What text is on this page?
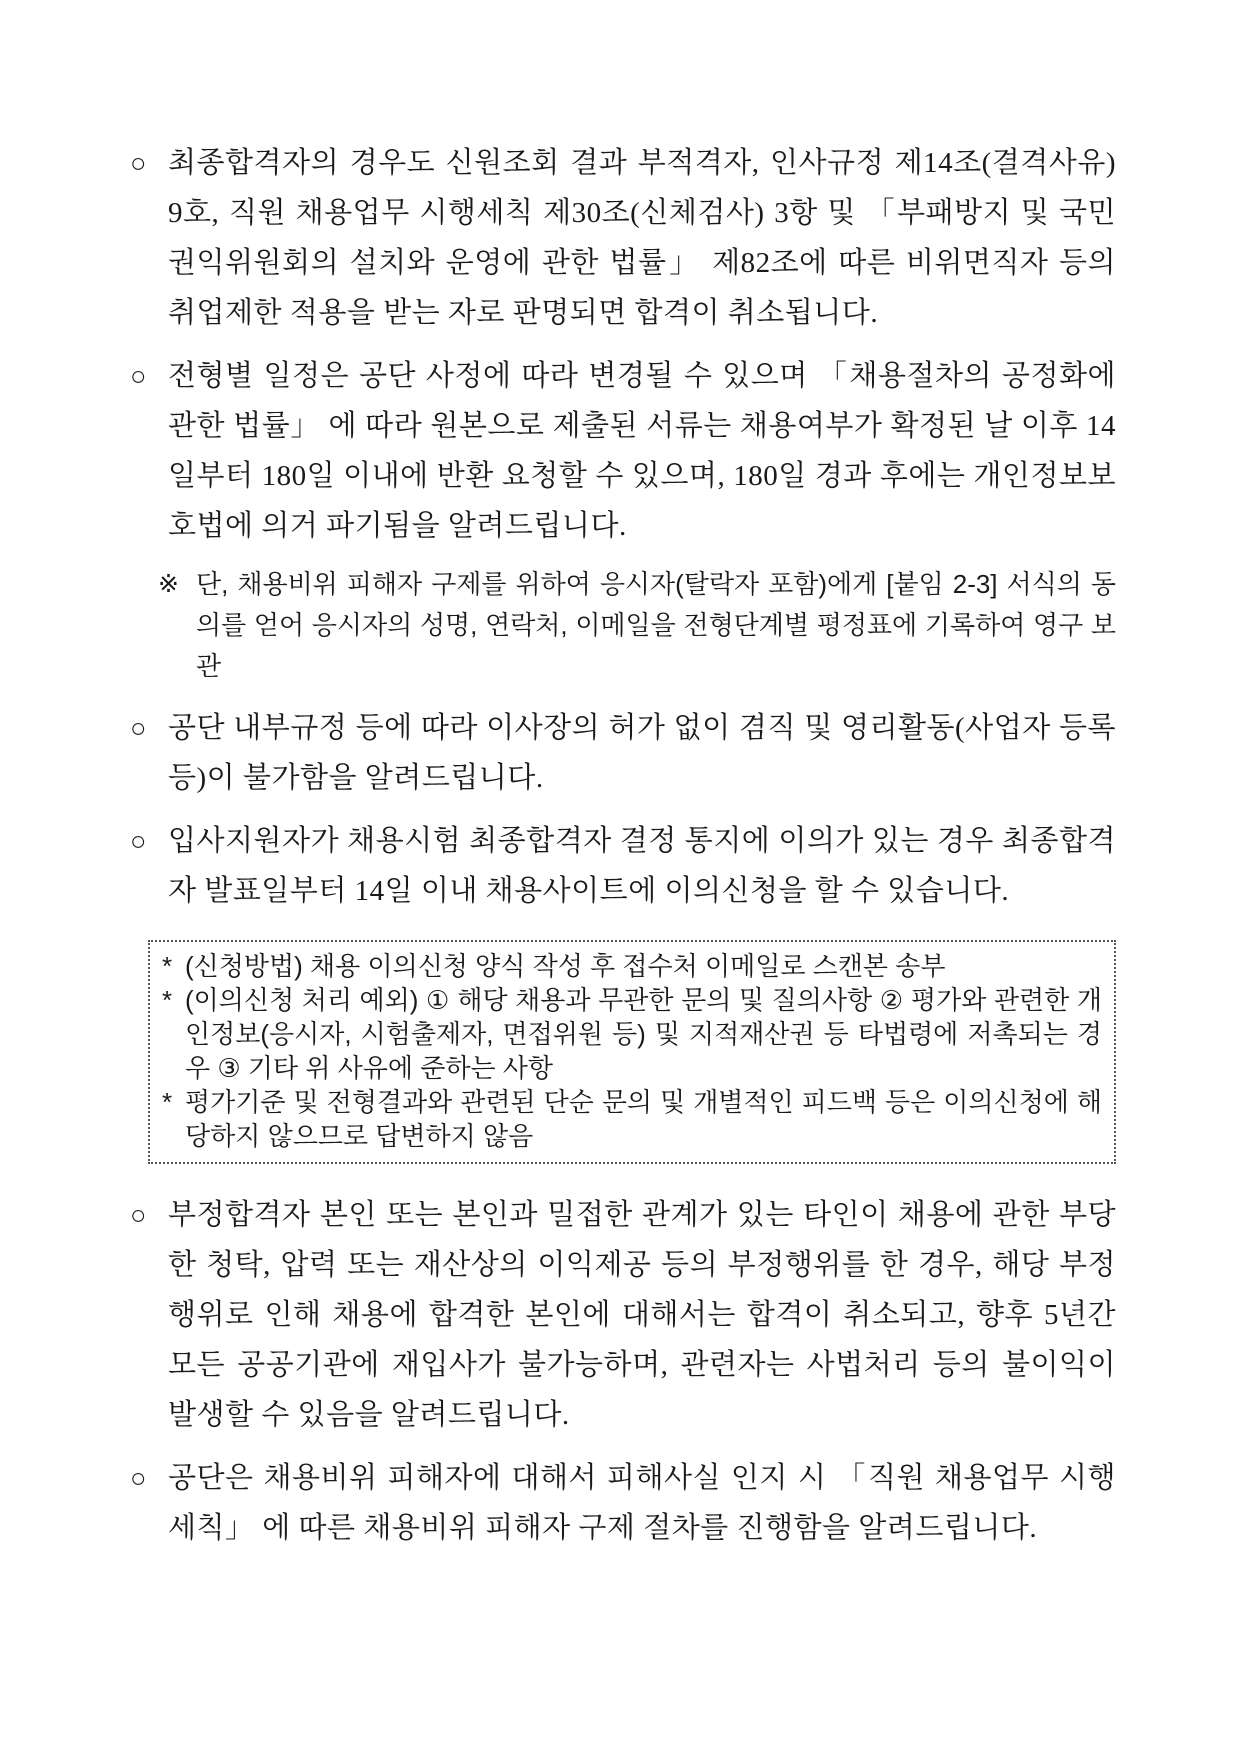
○ 최종합격자의 경우도 신원조회 결과 부적격자, 인사규정 제14조(결격사유) 9호, 직원 채용업무 시행세칙 제30조(신체검사) 3항 및 「부패방지 및 국민권익위원회의 설치와 운영에 관한 법률」 제82조에 따른 비위면직자 등의 취업제한 적용을 받는 자로 판명되면 합격이 취소됩니다.
○ 전형별 일정은 공단 사정에 따라 변경될 수 있으며 「채용절차의 공정화에 관한 법률」 에 따라 원본으로 제출된 서류는 채용여부가 확정된 날 이후 14일부터 180일 이내에 반환 요청할 수 있으며, 180일 경과 후에는 개인정보보호법에 의거 파기됨을 알려드립니다.
※ 단, 채용비위 피해자 구제를 위하여 응시자(탈락자 포함)에게 [붙임 2-3] 서식의 동의를 얻어 응시자의 성명, 연락처, 이메일을 전형단계별 평정표에 기록하여 영구 보관
○ 공단 내부규정 등에 따라 이사장의 허가 없이 겸직 및 영리활동(사업자 등록 등)이 불가함을 알려드립니다.
○ 입사지원자가 채용시험 최종합격자 결정 통지에 이의가 있는 경우 최종합격자 발표일부터 14일 이내 채용사이트에 이의신청을 할 수 있습니다.
* (신청방법) 채용 이의신청 양식 작성 후 접수처 이메일로 스캔본 송부
* (이의신청 처리 예외) ① 해당 채용과 무관한 문의 및 질의사항 ② 평가와 관련한 개인정보(응시자, 시험출제자, 면접위원 등) 및 지적재산권 등 타법령에 저촉되는 경우 ③ 기타 위 사유에 준하는 사항
* 평가기준 및 전형결과와 관련된 단순 문의 및 개별적인 피드백 등은 이의신청에 해당하지 않으므로 답변하지 않음
○ 부정합격자 본인 또는 본인과 밀접한 관계가 있는 타인이 채용에 관한 부당한 청탁, 압력 또는 재산상의 이익제공 등의 부정행위를 한 경우, 해당 부정행위로 인해 채용에 합격한 본인에 대해서는 합격이 취소되고, 향후 5년간 모든 공공기관에 재입사가 불가능하며, 관련자는 사법처리 등의 불이익이 발생할 수 있음을 알려드립니다.
○ 공단은 채용비위 피해자에 대해서 피해사실 인지 시 「직원 채용업무 시행세칙」 에 따른 채용비위 피해자 구제 절차를 진행함을 알려드립니다.
